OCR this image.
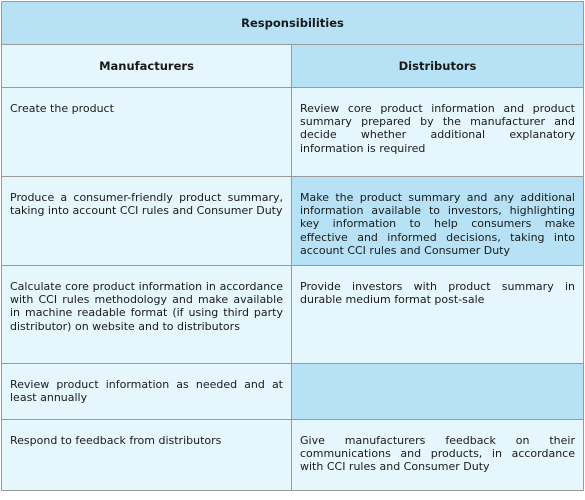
Responsibilities	
Manufacturers	Distributors

Create the product	Review core product information and product summary prepared by the manufacturer and decide whether additional explanatory information is required

Produce a consumer-friendly product summary, taking into account CCI rules and Consumer Duty	Make the product summary and any additional information available to investors, highlighting key information to help consumers make effective and informed decisions, taking into account CCI rules and Consumer Duty

Calculate core product information in accordance with CCI rules methodology and make available in machine readable format (if using third party distributor) on website and to distributors	Provide investors with product summary in durable medium format post-sale

Review product information as needed and at least annually	

Respond to feedback from distributors	Give manufacturers feedback on their communications and products, in accordance with CCI rules and Consumer Duty
